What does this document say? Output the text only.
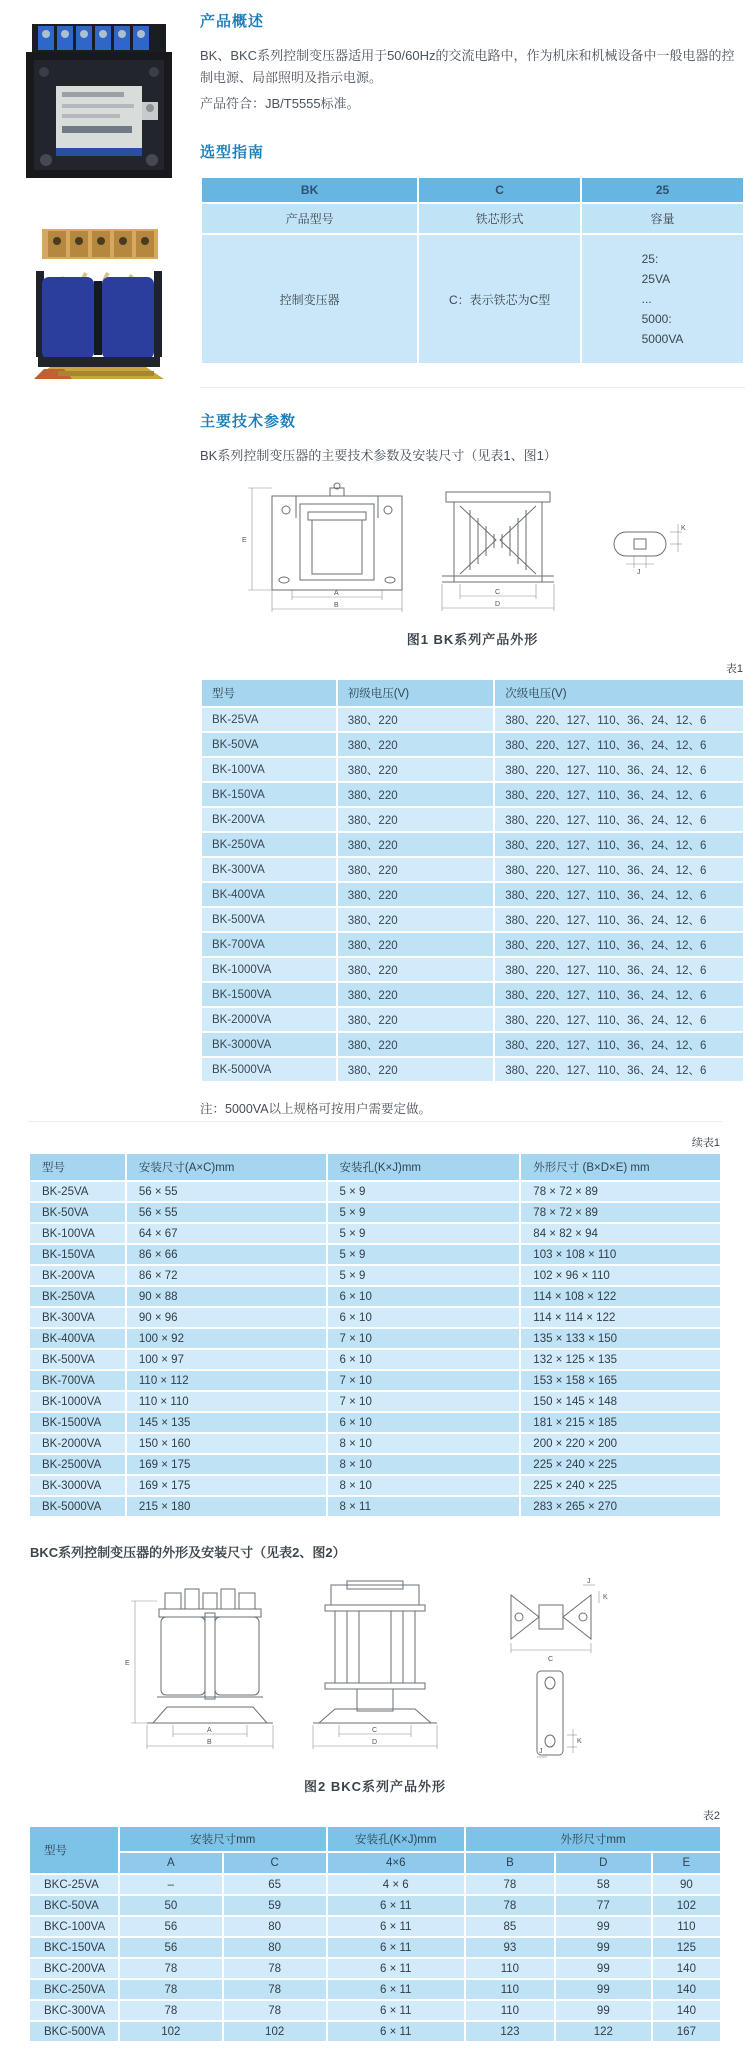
产品概述

BK、BKC系列控制变压器适用于50/60Hz的交流电路中，作为机床和机械设备中一般电器的控制电源、局部照明及指示电源。

产品符合：JB/T5555标准。

选型指南
BK	C	25
产品型号	铁芯形式	容量
控制变压器	C：表示铁芯为C型	25:
25VA
...
5000:
5000VA
主要技术参数

BK系列控制变压器的主要技术参数及安装尺寸（见表1、图1）

E
A
B
C
D
K
J
图1 BK系列产品外形
表1
型号	初级电压(V)	次级电压(V)
BK-25VA	380、220	380、220、127、110、36、24、12、6
BK-50VA	380、220	380、220、127、110、36、24、12、6
BK-100VA	380、220	380、220、127、110、36、24、12、6
BK-150VA	380、220	380、220、127、110、36、24、12、6
BK-200VA	380、220	380、220、127、110、36、24、12、6
BK-250VA	380、220	380、220、127、110、36、24、12、6
BK-300VA	380、220	380、220、127、110、36、24、12、6
BK-400VA	380、220	380、220、127、110、36、24、12、6
BK-500VA	380、220	380、220、127、110、36、24、12、6
BK-700VA	380、220	380、220、127、110、36、24、12、6
BK-1000VA	380、220	380、220、127、110、36、24、12、6
BK-1500VA	380、220	380、220、127、110、36、24、12、6
BK-2000VA	380、220	380、220、127、110、36、24、12、6
BK-3000VA	380、220	380、220、127、110、36、24、12、6
BK-5000VA	380、220	380、220、127、110、36、24、12、6

注：5000VA以上规格可按用户需要定做。

续表1
型号	安装尺寸(A×C)mm	安装孔(K×J)mm	外形尺寸 (B×D×E) mm
BK-25VA	56 × 55	5 × 9	78 × 72 × 89
BK-50VA	56 × 55	5 × 9	78 × 72 × 89
BK-100VA	64 × 67	5 × 9	84 × 82 × 94
BK-150VA	86 × 66	5 × 9	103 × 108 × 110
BK-200VA	86 × 72	5 × 9	102 × 96 × 110
BK-250VA	90 × 88	6 × 10	114 × 108 × 122
BK-300VA	90 × 96	6 × 10	114 × 114 × 122
BK-400VA	100 × 92	7 × 10	135 × 133 × 150
BK-500VA	100 × 97	6 × 10	132 × 125 × 135
BK-700VA	110 × 112	7 × 10	153 × 158 × 165
BK-1000VA	110 × 110	7 × 10	150 × 145 × 148
BK-1500VA	145 × 135	6 × 10	181 × 215 × 185
BK-2000VA	150 × 160	8 × 10	200 × 220 × 200
BK-2500VA	169 × 175	8 × 10	225 × 240 × 225
BK-3000VA	169 × 175	8 × 10	225 × 240 × 225
BK-5000VA	215 × 180	8 × 11	283 × 265 × 270

BKC系列控制变压器的外形及安装尺寸（见表2、图2）

E
A
B
C
D
J
K
C
K
J
图2 BKC系列产品外形
表2
型号	安装尺寸mm		安装孔(K×J)mm	外形尺寸mm		
	A	C	4×6	B	D	E
BKC-25VA	–	65	4 × 6	78	58	90
BKC-50VA	50	59	6 × 11	78	77	102
BKC-100VA	56	80	6 × 11	85	99	110
BKC-150VA	56	80	6 × 11	93	99	125
BKC-200VA	78	78	6 × 11	110	99	140
BKC-250VA	78	78	6 × 11	110	99	140
BKC-300VA	78	78	6 × 11	110	99	140
BKC-500VA	102	102	6 × 11	123	122	167
